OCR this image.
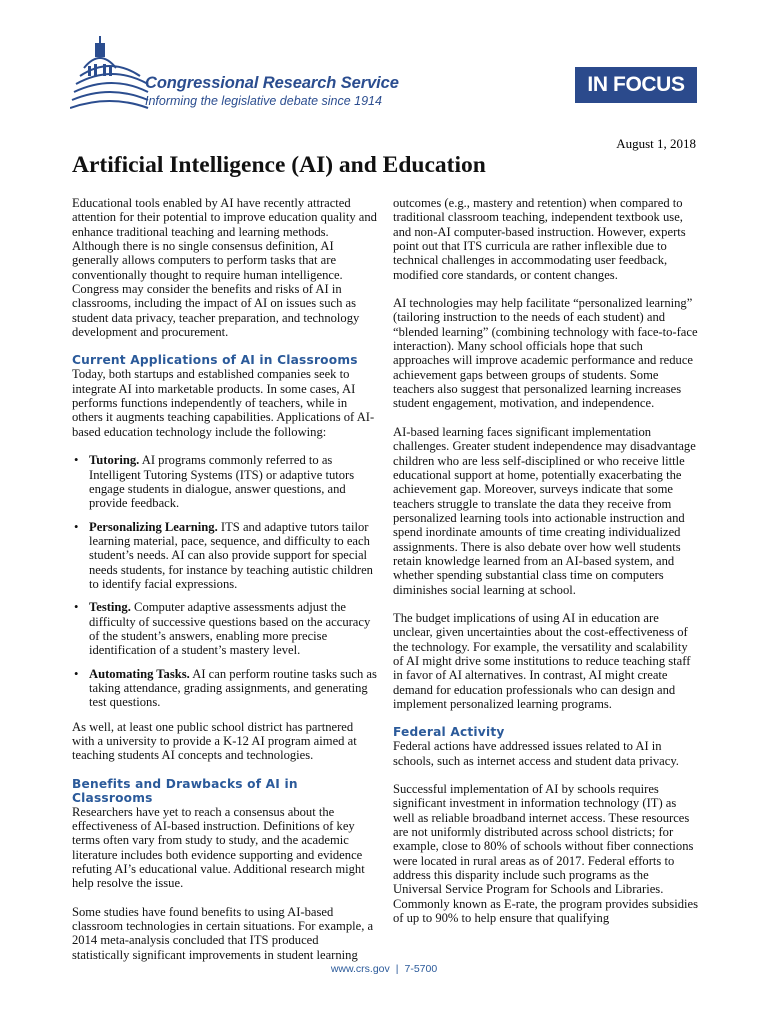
Congressional Research Service
Informing the legislative debate since 1914
IN FOCUS
August 1, 2018
Artificial Intelligence (AI) and Education

Educational tools enabled by AI have recently attracted attention for their potential to improve education quality and enhance traditional teaching and learning methods. Although there is no single consensus definition, AI generally allows computers to perform tasks that are conventionally thought to require human intelligence. Congress may consider the benefits and risks of AI in classrooms, including the impact of AI on issues such as student data privacy, teacher preparation, and technology development and procurement.

Current Applications of AI in Classrooms

Today, both startups and established companies seek to integrate AI into marketable products. In some cases, AI performs functions independently of teachers, while in others it augments teaching capabilities. Applications of AI-based education technology include the following:

• Tutoring. AI programs commonly referred to as Intelligent Tutoring Systems (ITS) or adaptive tutors engage students in dialogue, answer questions, and provide feedback.
• Personalizing Learning. ITS and adaptive tutors tailor learning material, pace, sequence, and difficulty to each student’s needs. AI can also provide support for special needs students, for instance by teaching autistic children to identify facial expressions.
• Testing. Computer adaptive assessments adjust the difficulty of successive questions based on the accuracy of the student’s answers, enabling more precise identification of a student’s mastery level.
• Automating Tasks. AI can perform routine tasks such as taking attendance, grading assignments, and generating test questions.

As well, at least one public school district has partnered with a university to provide a K-12 AI program aimed at teaching students AI concepts and technologies.

Benefits and Drawbacks of AI in Classrooms

Researchers have yet to reach a consensus about the effectiveness of AI-based instruction. Definitions of key terms often vary from study to study, and the academic literature includes both evidence supporting and evidence refuting AI’s educational value. Additional research might help resolve the issue.

Some studies have found benefits to using AI-based classroom technologies in certain situations. For example, a 2014 meta-analysis concluded that ITS produced statistically significant improvements in student learning

outcomes (e.g., mastery and retention) when compared to traditional classroom teaching, independent textbook use, and non-AI computer-based instruction. However, experts point out that ITS curricula are rather inflexible due to technical challenges in accommodating user feedback, modified core standards, or content changes.

AI technologies may help facilitate “personalized learning” (tailoring instruction to the needs of each student) and “blended learning” (combining technology with face-to-face interaction). Many school officials hope that such approaches will improve academic performance and reduce achievement gaps between groups of students. Some teachers also suggest that personalized learning increases student engagement, motivation, and independence.

AI-based learning faces significant implementation challenges. Greater student independence may disadvantage children who are less self-disciplined or who receive little educational support at home, potentially exacerbating the achievement gap. Moreover, surveys indicate that some teachers struggle to translate the data they receive from personalized learning tools into actionable instruction and spend inordinate amounts of time creating individualized assignments. There is also debate over how well students retain knowledge learned from an AI-based system, and whether spending substantial class time on computers diminishes social learning at school.

The budget implications of using AI in education are unclear, given uncertainties about the cost-effectiveness of the technology. For example, the versatility and scalability of AI might drive some institutions to reduce teaching staff in favor of AI alternatives. In contrast, AI might create demand for education professionals who can design and implement personalized learning programs.

Federal Activity

Federal actions have addressed issues related to AI in schools, such as internet access and student data privacy.

Successful implementation of AI by schools requires significant investment in information technology (IT) as well as reliable broadband internet access. These resources are not uniformly distributed across school districts; for example, close to 80% of schools without fiber connections were located in rural areas as of 2017. Federal efforts to address this disparity include such programs as the Universal Service Program for Schools and Libraries. Commonly known as E-rate, the program provides subsidies of up to 90% to help ensure that qualifying

www.crs.gov | 7-5700
